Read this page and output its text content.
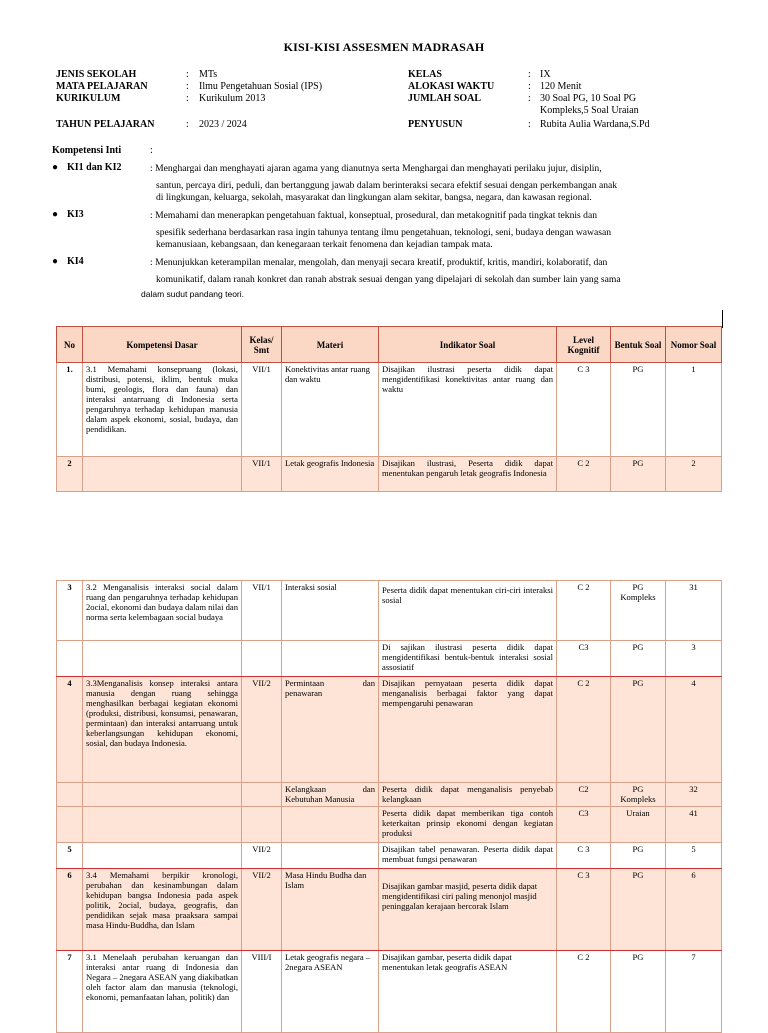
KISI-KISI ASSESMEN MADRASAH
JENIS SEKOLAH	: MTs
MATA PELAJARAN	: Ilmu Pengetahuan Sosial (IPS)
KURIKULUM	: Kurikulum 2013
TAHUN PELAJARAN	: 2023 / 2024
KELAS	: IX
ALOKASI WAKTU	: 120 Menit
JUMLAH SOAL	: 30 Soal PG, 10 Soal PG
Kompleks,5 Soal Uraian
PENYUSUN	: Rubita Aulia Wardana,S.Pd
Kompetensi Inti	:
● KI1 dan KI2	: Menghargai dan menghayati ajaran agama yang dianutnya serta Menghargai dan menghayati perilaku jujur, disiplin,
santun, percaya diri, peduli, dan bertanggung jawab dalam berinteraksi secara efektif sesuai dengan perkembangan anak
di lingkungan, keluarga, sekolah, masyarakat dan lingkungan alam sekitar, bangsa, negara, dan kawasan regional.
● KI3	: Memahami dan menerapkan pengetahuan faktual, konseptual, prosedural, dan metakognitif pada tingkat teknis dan
spesifik sederhana berdasarkan rasa ingin tahunya tentang ilmu pengetahuan, teknologi, seni, budaya dengan wawasan
kemanusiaan, kebangsaan, dan kenegaraan terkait fenomena dan kejadian tampak mata.
● KI4	: Menunjukkan keterampilan menalar, mengolah, dan menyaji secara kreatif, produktif, kritis, mandiri, kolaboratif, dan
komunikatif, dalam ranah konkret dan ranah abstrak sesuai dengan yang dipelajari di sekolah dan sumber lain yang sama
dalam sudut pandang teori.
No	Kompetensi Dasar	Kelas/ Smt	Materi	Indikator Soal	Level Kognitif	Bentuk Soal	Nomor Soal
1.	3.1 Memahami konsepruang (lokasi, distribusi, potensi, iklim, bentuk muka bumi, geologis, flora dan fauna) dan interaksi antarruang di Indonesia serta pengaruhnya terhadap kehidupan manusia dalam aspek ekonomi, sosial, budaya, dan pendidikan.	VII/1	Konektivitas antar ruang dan waktu	Disajikan ilustrasi peserta didik dapat mengidentifikasi konektivitas antar ruang dan waktu	C 3	PG	1
2		VII/1	Letak geografis Indonesia	Disajikan ilustrasi, Peserta didik dapat menentukan pengaruh letak geografis Indonesia	C 2	PG	2
3	3.2 Menganalisis interaksi social dalam ruang dan pengaruhnya terhadap kehidupan 2ocial, ekonomi dan budaya dalam nilai dan norma serta kelembagaan social budaya	VII/1	Interaksi sosial	Peserta didik dapat menentukan ciri-ciri interaksi sosial	C 2	PG Kompleks	31
				Di sajikan ilustrasi peserta didik dapat mengidentifikasi bentuk-bentuk interaksi sosial assosiatif	C3	PG	3
4	3.3Menganalisis konsep interaksi antara manusia dengan ruang sehingga menghasilkan berbagai kegiatan ekonomi (produksi, distribusi, konsumsi, penawaran, permintaan) dan interaksi antarruang untuk keberlangsungan kehidupan ekonomi, sosial, dan budaya Indonesia.	VII/2	Permintaan dan penawaran	Disajikan pernyataan peserta didik dapat menganalisis berbagai faktor yang dapat mempengaruhi penawaran	C 2	PG	4
			Kelangkaan dan Kebutuhan Manusia	Peserta didik dapat menganalisis penyebab kelangkaan	C2	PG Kompleks	32
				Peserta didik dapat memberikan tiga contoh keterkaitan prinsip ekonomi dengan kegiatan produksi	C3	Uraian	41
5		VII/2		Disajikan tabel penawaran. Peserta didik dapat membuat fungsi penawaran	C 3	PG	5
6	3.4 Memahami berpikir kronologi, perubahan dan kesinambungan dalam kehidupan bangsa Indonesia pada aspek politik, 2ocial, budaya, geografis, dan pendidikan sejak masa praaksara sampai masa Hindu-Buddha, dan Islam	VII/2	Masa Hindu Budha dan Islam	Disajikan gambar masjid, peserta didik dapat mengidentifikasi ciri paling menonjol masjid peninggalan kerajaan bercorak Islam	C 3	PG	6
7	3.1 Menelaah perubahan keruangan dan interaksi antar ruang di Indonesia dan Negara – 2negara ASEAN yang diakibatkan oleh factor alam dan manusia (teknologi, ekonomi, pemanfaatan lahan, politik) dan	VIII/I	Letak geografis negara – 2negara ASEAN	Disajikan gambar, peserta didik dapat menentukan letak geografis ASEAN	C 2	PG	7
